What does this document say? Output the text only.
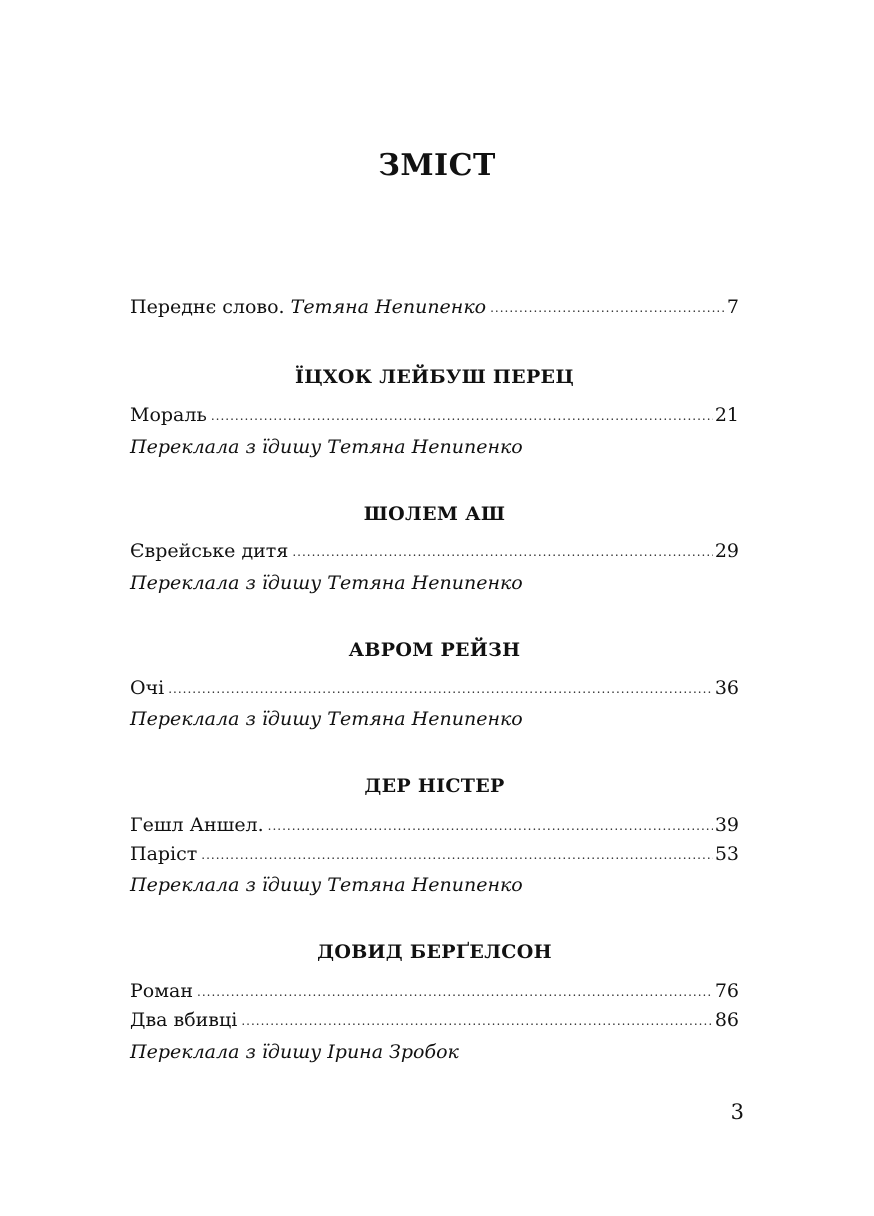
ЗМІСТ
Переднє слово. Тетяна Непипенко .....	7
ЇЦХОК ЛЕЙБУШ ПЕРЕЦ
Мораль .....	21
Переклала з їдишу Тетяна Непипенко
ШОЛЕМ АШ
Єврейське дитя .....	29
Переклала з їдишу Тетяна Непипенко
АВРОМ РЕЙЗН
Очі .....	36
Переклала з їдишу Тетяна Непипенко
ДЕР НІСТЕР
Гешл Аншел. .....	39
Паріст .....	53
Переклала з їдишу Тетяна Непипенко
ДОВИД БЕРҐЕЛСОН
Роман .....	76
Два вбивці .....	86
Переклала з їдишу Ірина Зробок
3
